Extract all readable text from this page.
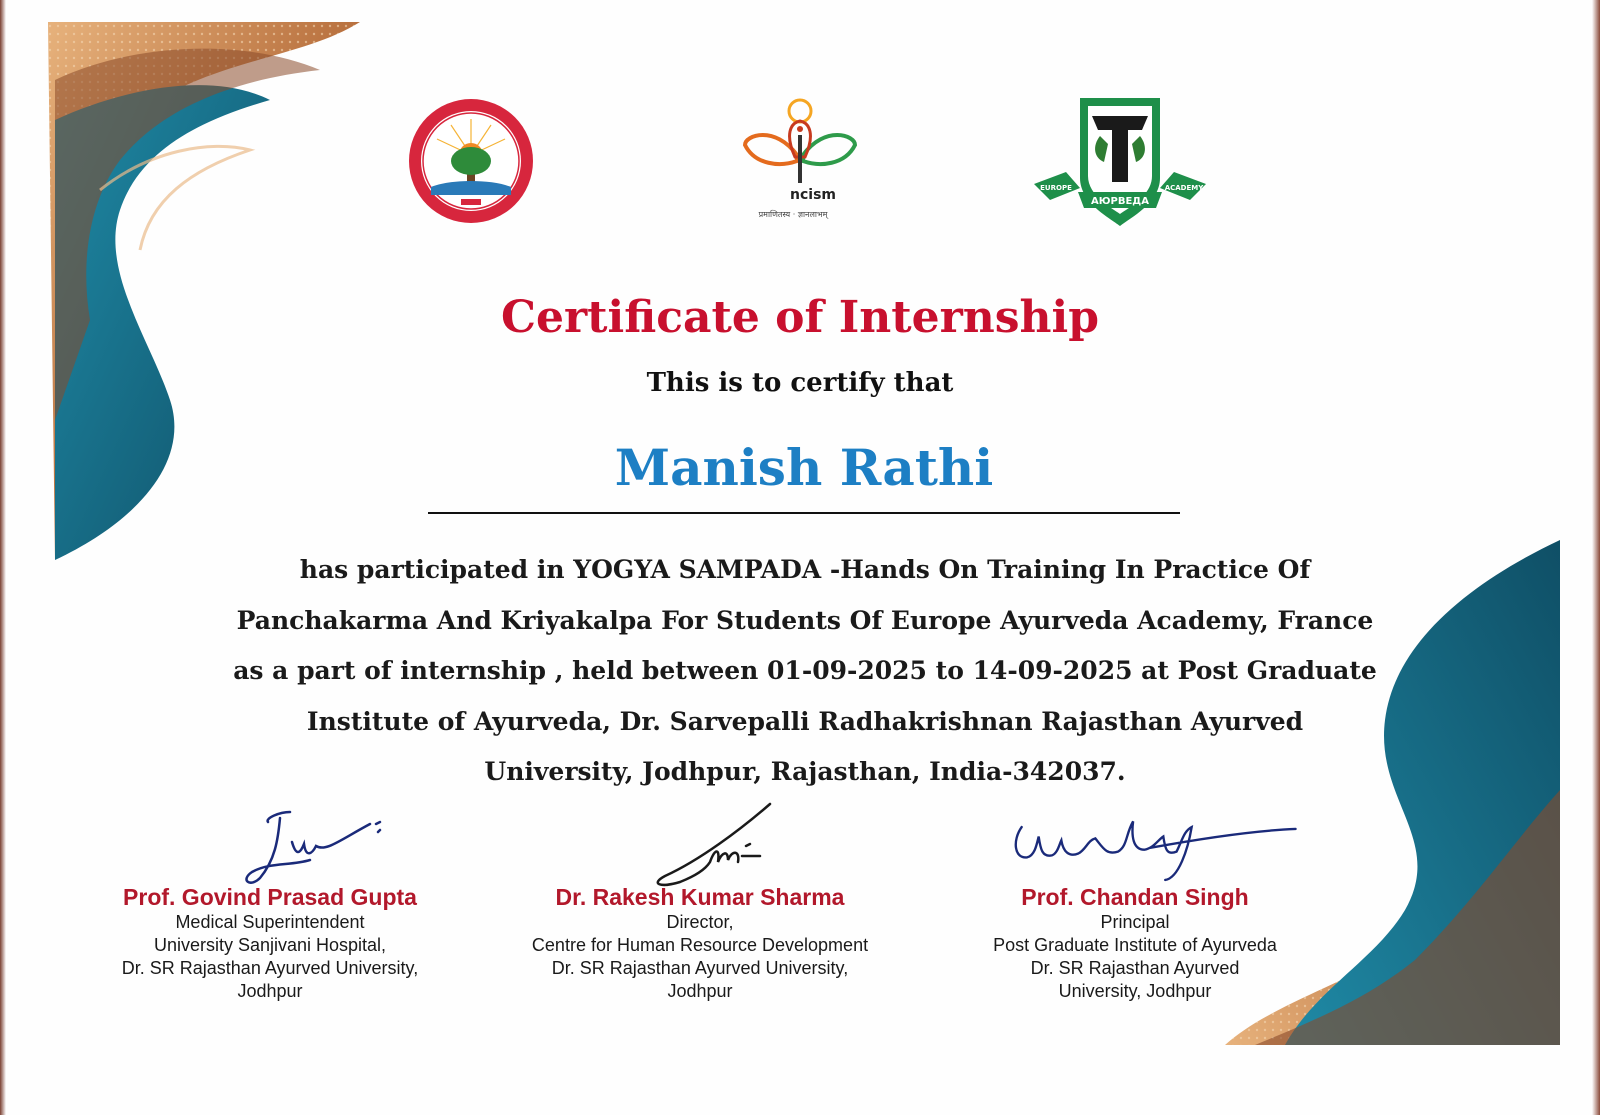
ncism
प्रमाणितस्य · ज्ञानलाभम्
EUROPE	ACADEMY
AЮРВЕДА
Certificate of Internship
This is to certify that
Manish Rathi
has participated in YOGYA SAMPADA -Hands On Training In Practice Of
Panchakarma And Kriyakalpa For Students Of Europe Ayurveda Academy, France
as a part of internship , held between 01-09-2025 to 14-09-2025 at Post Graduate
Institute of Ayurveda, Dr. Sarvepalli Radhakrishnan Rajasthan Ayurved
University, Jodhpur, Rajasthan, India-342037.
Prof. Govind Prasad Gupta
Medical Superintendent
University Sanjivani Hospital,
Dr. SR Rajasthan Ayurved University,
Jodhpur
Dr. Rakesh Kumar Sharma
Director,
Centre for Human Resource Development
Dr. SR Rajasthan Ayurved University,
Jodhpur
Prof. Chandan Singh
Principal
Post Graduate Institute of Ayurveda
Dr. SR Rajasthan Ayurved
University, Jodhpur
